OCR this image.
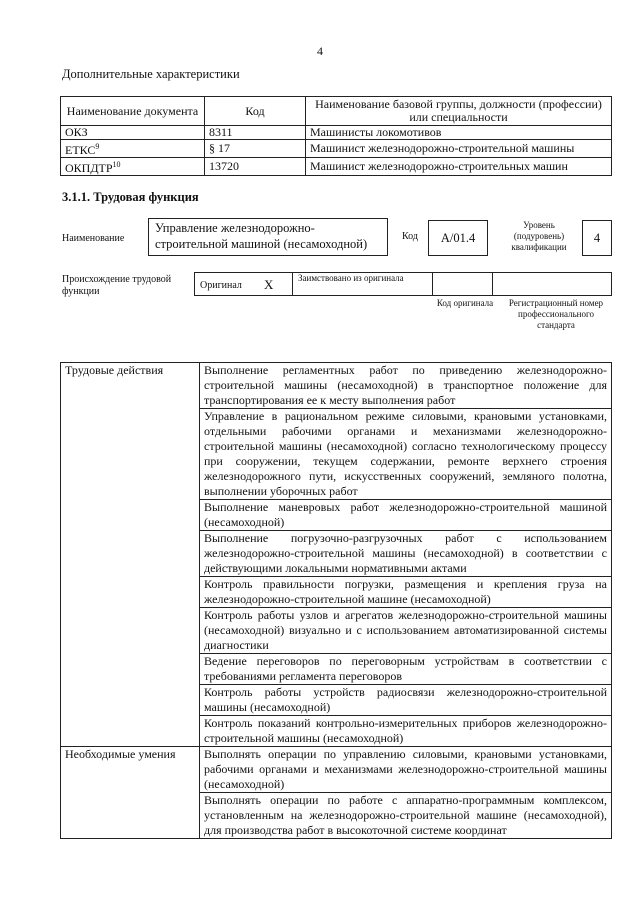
4
Дополнительные характеристики
Наименование документа	Код	Наименование базовой группы, должности (профессии) или специальности
ОКЗ	8311	Машинисты локомотивов
ЕТКС$^9$	§ 17	Машинист железнодорожно-строительной машины
ОКПДТР$^{10}$	13720	Машинист железнодорожно-строительных машин
3.1.1. Трудовая функция
Наименование
Управление железнодорожно-строительной машиной (несамоходной)
Код	A/01.4
Уровень (подуровень) квалификации
4
Происхождение трудовой функции
Оригинал X	Заимствовано из оригинала
Код оригинала Регистрационный номер профессионального стандарта
Трудовые действия	Выполнение регламентных работ по приведению железнодорожно-строительной машины (несамоходной) в транспортное положение для транспортирования ее к месту выполнения работ
	Управление в рациональном режиме силовыми, крановыми установками, отдельными рабочими органами и механизмами железнодорожно-строительной машины (несамоходной) согласно технологическому процессу при сооружении, текущем содержании, ремонте верхнего строения железнодорожного пути, искусственных сооружений, земляного полотна, выполнении уборочных работ
	Выполнение маневровых работ железнодорожно-строительной машиной (несамоходной)
	Выполнение погрузочно-разгрузочных работ с использованием железнодорожно-строительной машины (несамоходной) в соответствии с действующими локальными нормативными актами
	Контроль правильности погрузки, размещения и крепления груза на железнодорожно-строительной машине (несамоходной)
	Контроль работы узлов и агрегатов железнодорожно-строительной машины (несамоходной) визуально и с использованием автоматизированной системы диагностики
	Ведение переговоров по переговорным устройствам в соответствии с требованиями регламента переговоров
	Контроль работы устройств радиосвязи железнодорожно-строительной машины (несамоходной)
	Контроль показаний контрольно-измерительных приборов железнодорожно-строительной машины (несамоходной)
Необходимые умения	Выполнять операции по управлению силовыми, крановыми установками, рабочими органами и механизмами железнодорожно-строительной машины (несамоходной)
	Выполнять операции по работе с аппаратно-программным комплексом, установленным на железнодорожно-строительной машине (несамоходной), для производства работ в высокоточной системе координат
